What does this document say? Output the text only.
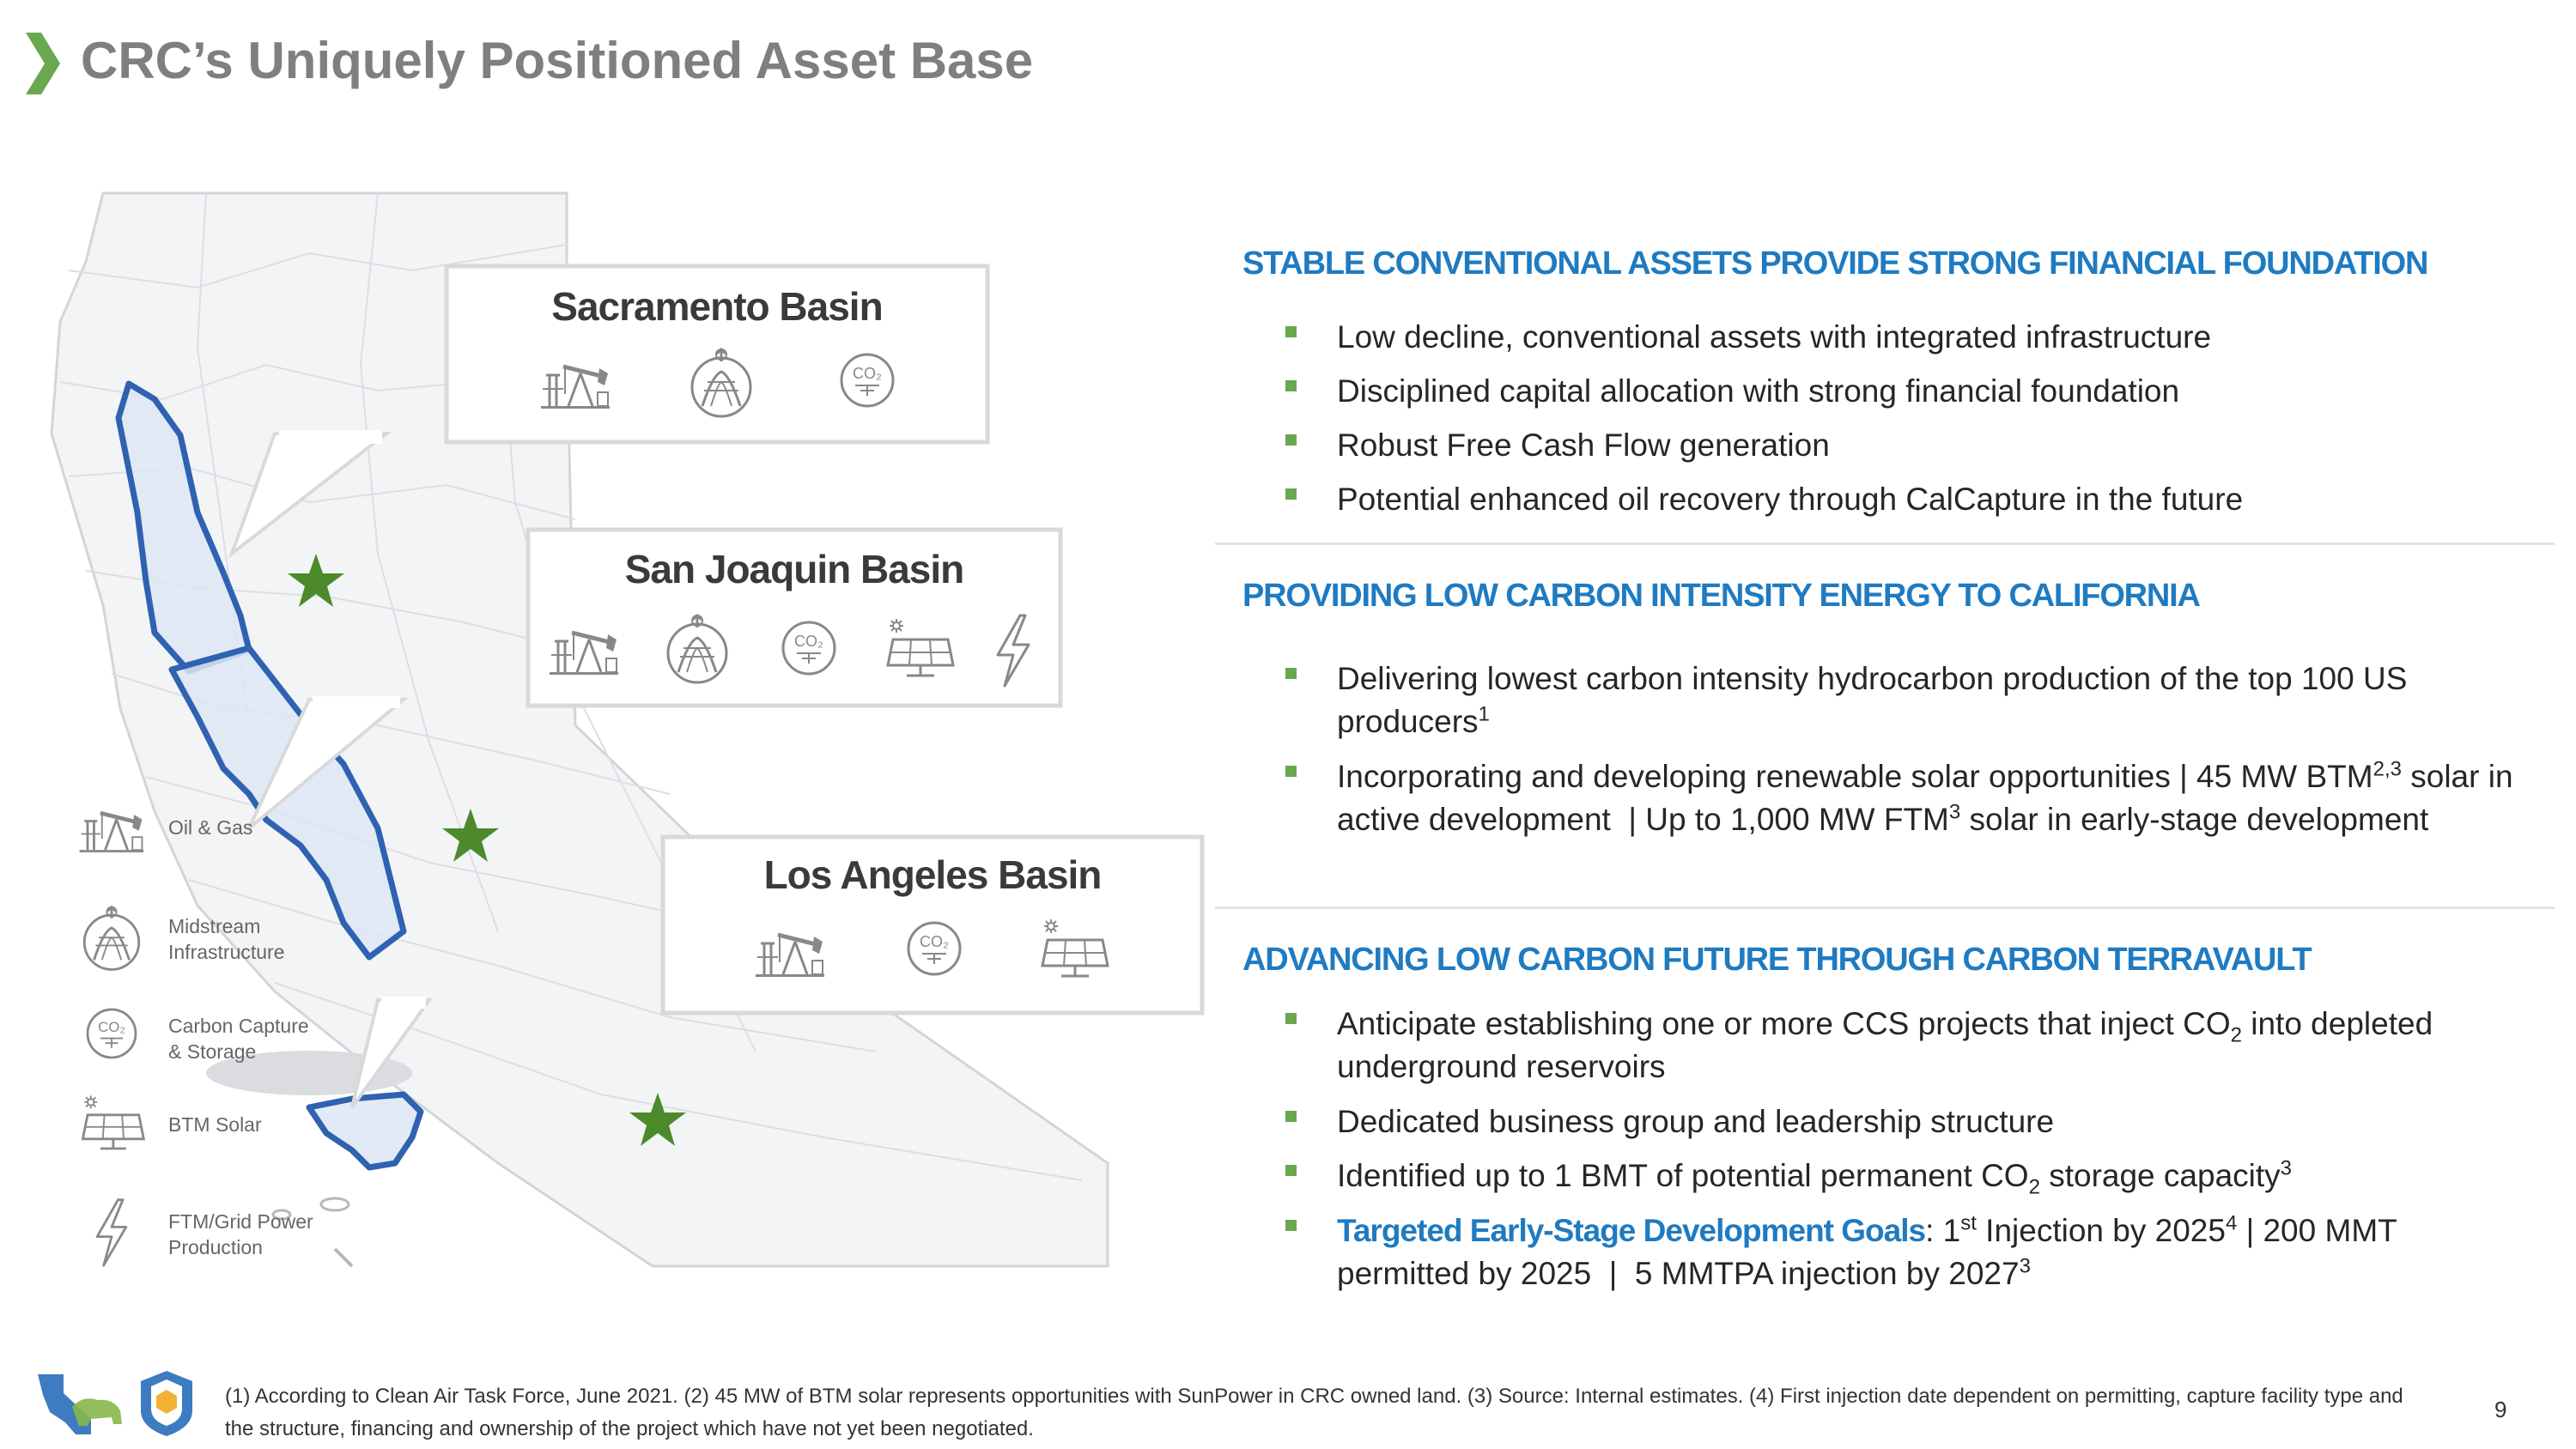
CRC’s Uniquely Positioned Asset Base
CO₂
Sacramento Basin
San Joaquin Basin
Los Angeles Basin
Oil & Gas
Midstream
Infrastructure
Carbon Capture
& Storage
BTM Solar
FTM/Grid Power
Production
STABLE CONVENTIONAL ASSETS PROVIDE STRONG FINANCIAL FOUNDATION
Low decline, conventional assets with integrated infrastructure
Disciplined capital allocation with strong financial foundation
Robust Free Cash Flow generation
Potential enhanced oil recovery through CalCapture in the future
PROVIDING LOW CARBON INTENSITY ENERGY TO CALIFORNIA
Delivering lowest carbon intensity hydrocarbon production of the top 100 US producers$^1$
Incorporating and developing renewable solar opportunities | 45 MW BTM$^{2,3}$ solar in active development  | Up to 1,000 MW FTM$^3$ solar in early-stage development
ADVANCING LOW CARBON FUTURE THROUGH CARBON TERRAVAULT
Anticipate establishing one or more CCS projects that inject $CO_2$ into depleted underground reservoirs
Dedicated business group and leadership structure
Identified up to 1 BMT of potential permanent $CO_2$ storage capacity$^3$
Targeted Early-Stage Development Goals: 1st Injection by 2025$^4$ | 200 MMT permitted by 2025  |  5 MMTPA injection by 2027$^3$
(1) According to Clean Air Task Force, June 2021. (2) 45 MW of BTM solar represents opportunities with SunPower in CRC owned land. (3) Source: Internal estimates. (4) First injection date dependent on permitting, capture facility type and the structure, financing and ownership of the project which have not yet been negotiated.
9
